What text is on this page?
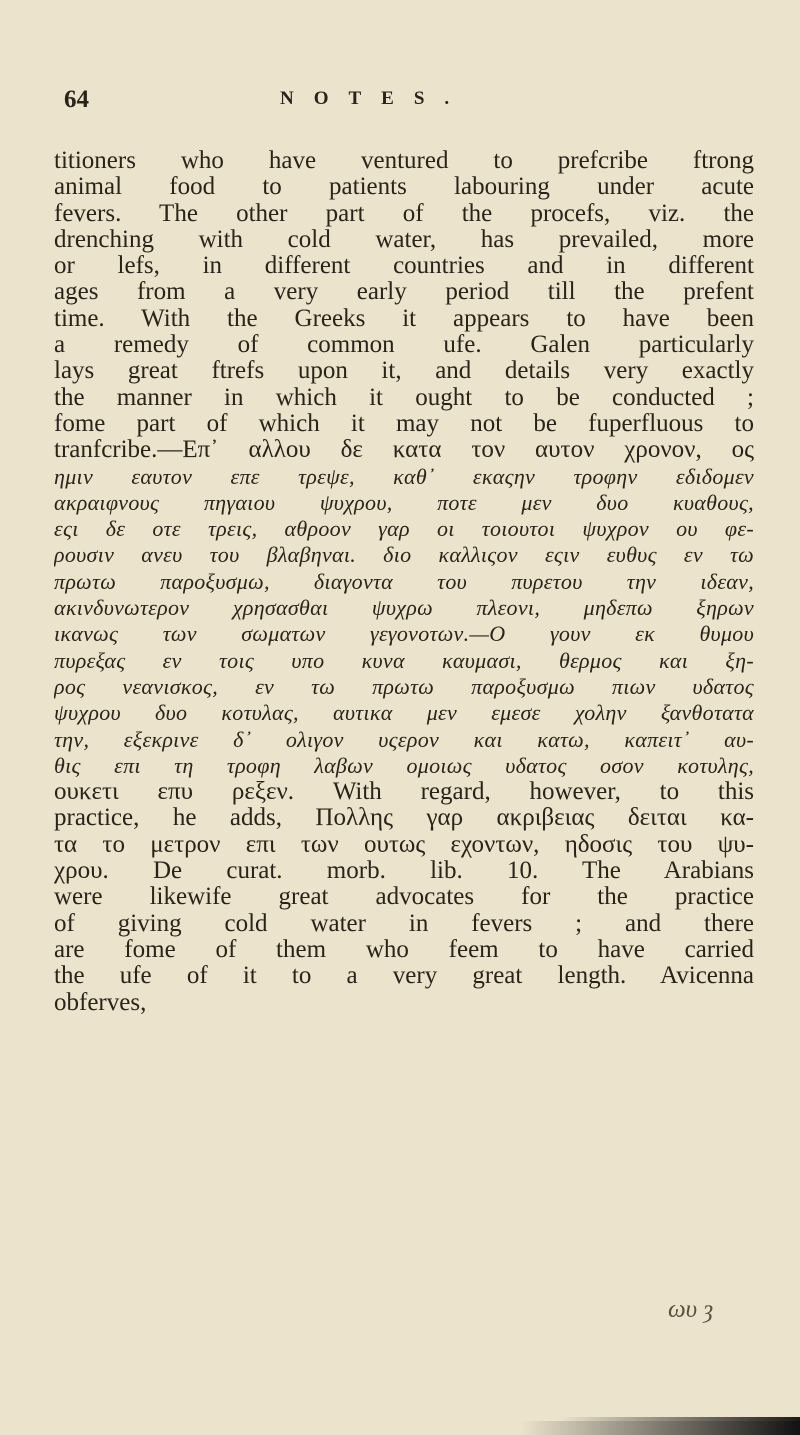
64	NOTES.
titioners who have ventured to prefcribe ftrong
animal food to patients labouring under acute
fevers. The other part of the procefs, viz. the
drenching with cold water, has prevailed, more
or lefs, in different countries and in different
ages from a very early period till the prefent
time. With the Greeks it appears to have been
a remedy of common ufe. Galen particularly
lays great ftrefs upon it, and details very exactly
the manner in which it ought to be conducted ;
fome part of which it may not be fuperfluous to
tranfcribe.—Επ᾽ αλλου δε κατα τον αυτον χρονον, ος
ημιν εαυτον επε τρεψε, καθ᾽ εκαςην τροφην εδιδομεν
ακραιφνους πηγαιου ψυχρου, ποτε μεν δυο κυαθους,
εςι δε οτε τρεις, αθροον γαρ οι τοιουτοι ψυχρον ου φε-
ρουσιν ανευ του βλαβηναι. διο καλλιςον εςιν ευθυς εν τω
πρωτω παροξυσμω, διαγοντα του πυρετου την ιδεαν,
ακινδυνωτερον χρησασθαι ψυχρω πλεονι, μηδεπω ξηρων
ικανως των σωματων γεγονοτων.—Ο γουν εκ θυμου
πυρεξας εν τοις υπο κυνα καυμασι, θερμος και ξη-
ρος νεανισκος, εν τω πρωτω παροξυσμω πιων υδατος
ψυχρου δυο κοτυλας, αυτικα μεν εμεσε χολην ξανθοτατα
την, εξεκρινε δ᾽ ολιγον υςερον και κατω, καπειτ᾽ αυ-
θις επι τη τροφη λαβων ομοιως υδατος οσον κοτυλης,
ουκετι επυ ρεξεν. With regard, however, to this
practice, he adds, Πολλης γαρ ακριβειας δειται κα-
τα το μετρον επι των ουτως εχοντων, ηδοσις του ψυ-
χρου. De curat. morb. lib. 10. The Arabians
were likewife great advocates for the practice
of giving cold water in fevers ; and there
are fome of them who feem to have carried
the ufe of it to a very great length. Avicenna
obferves,
ωυ ȝ
